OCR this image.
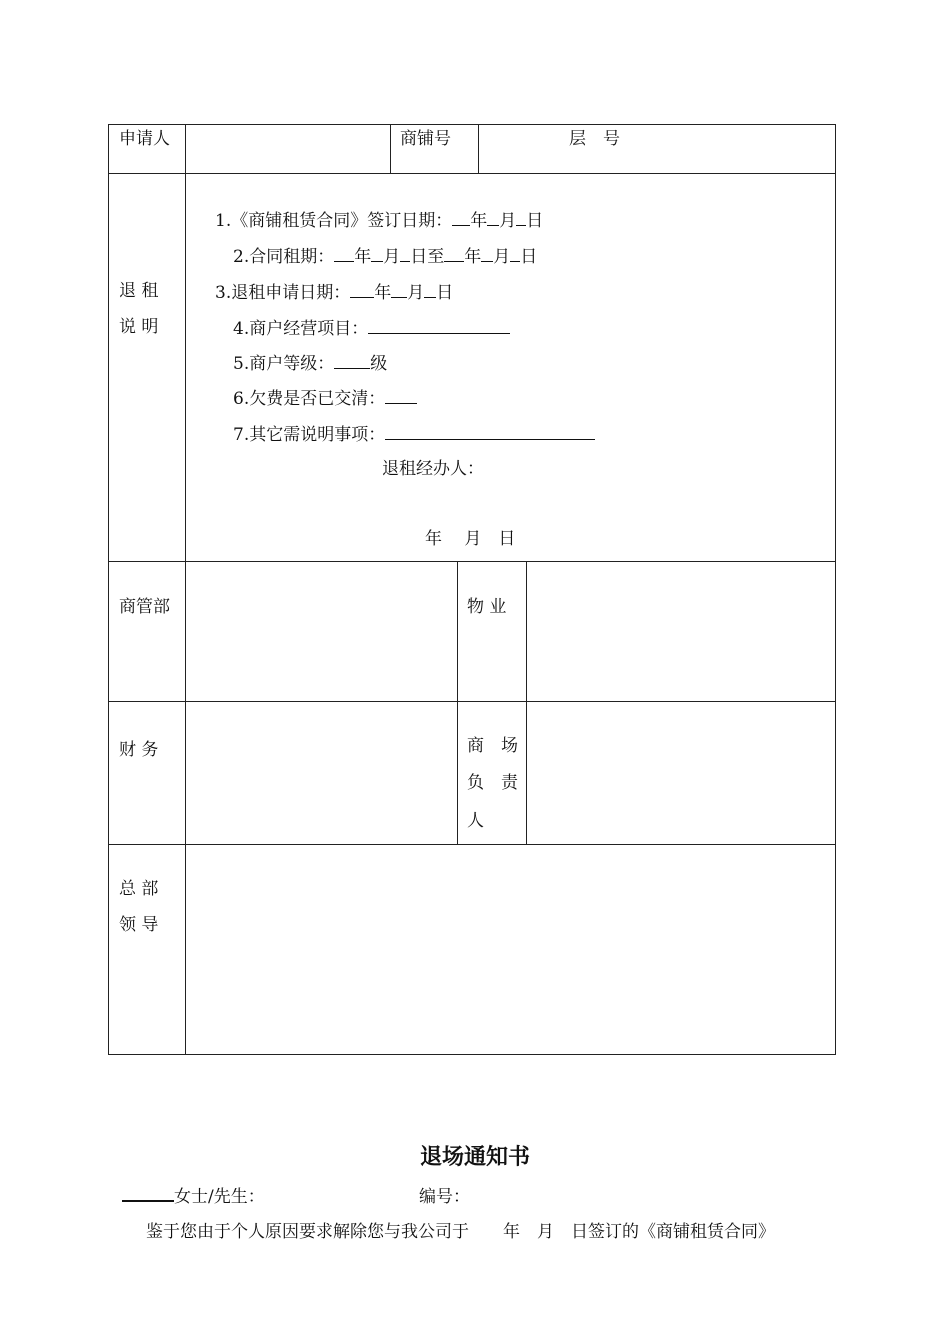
申请人	商铺号	层　号
退 租
说 明
1.《商铺租赁合同》签订日期： 年 月 日
2.合同租期： 年 月 日至 年 月 日
3.退租申请日期： 年 月 日
4.商户经营项目：
5.商户等级： 级
6.欠费是否已交清：
7.其它需说明事项：
退租经办人：
年　 月　日
商管部	物 业
财 务	商　场
负　责
人
总 部
领 导
退场通知书
女士/先生：	编号：
鉴于您由于个人原因要求解除您与我公司于　　年　月　日签订的《商铺租赁合同》
